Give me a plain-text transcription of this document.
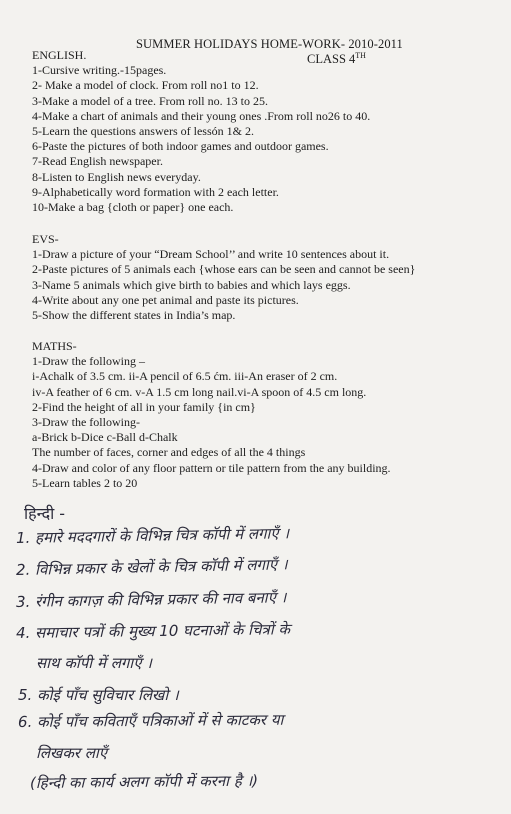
SUMMER HOLIDAYS HOME-WORK- 2010-2011
CLASS 4TH
ENGLISH.
1-Cursive writing.-15pages.
2- Make a model of clock. From roll no1 to 12.
3-Make a model of a tree. From roll no. 13 to 25.
4-Make a chart of animals and their young ones .From roll no26 to 40.
5-Learn the questions answers of lessón 1& 2.
6-Paste the pictures of both indoor games and outdoor games.
7-Read English newspaper.
8-Listen to English news everyday.
9-Alphabetically word formation with 2 each letter.
10-Make a bag {cloth or paper} one each.
EVS-
1-Draw a picture of your “Dream School’’ and write 10 sentences about it.
2-Paste pictures of 5 animals each {whose ears can be seen and cannot be seen}
3-Name 5 animals which give birth to babies and which lays eggs.
4-Write about any one pet animal and paste its pictures.
5-Show the different states in India’s map.
MATHS-
1-Draw the following –
i-Achalk of 3.5 cm. ii-A pencil of 6.5 ćm. iii-An eraser of 2 cm.
iv-A feather of 6 cm. v-A 1.5 cm long nail.vi-A spoon of 4.5 cm long.
2-Find the height of all in your family {in cm}
3-Draw the following-
a-Brick b-Dice c-Ball d-Chalk
The number of faces, corner and edges of all the 4 things
4-Draw and color of any floor pattern or tile pattern from the any building.
5-Learn tables 2 to 20
हिन्दी -
1. हमारे मददगारों के विभिन्न चित्र कॉपी में लगाएँ ।
2. विभिन्न प्रकार के खेलों के चित्र कॉपी में लगाएँ ।
3. रंगीन कागज़ की विभिन्न प्रकार की नाव बनाएँ ।
4. समाचार पत्रों की मुख्य 10 घटनाओं के चित्रों के
साथ कॉपी में लगाएँ ।
5. कोई पाँच सुविचार लिखो ।
6. कोई पाँच कविताएँ पत्रिकाओं में से काटकर या
लिखकर लाएँ
(हिन्दी का कार्य अलग कॉपी में करना है ।)
